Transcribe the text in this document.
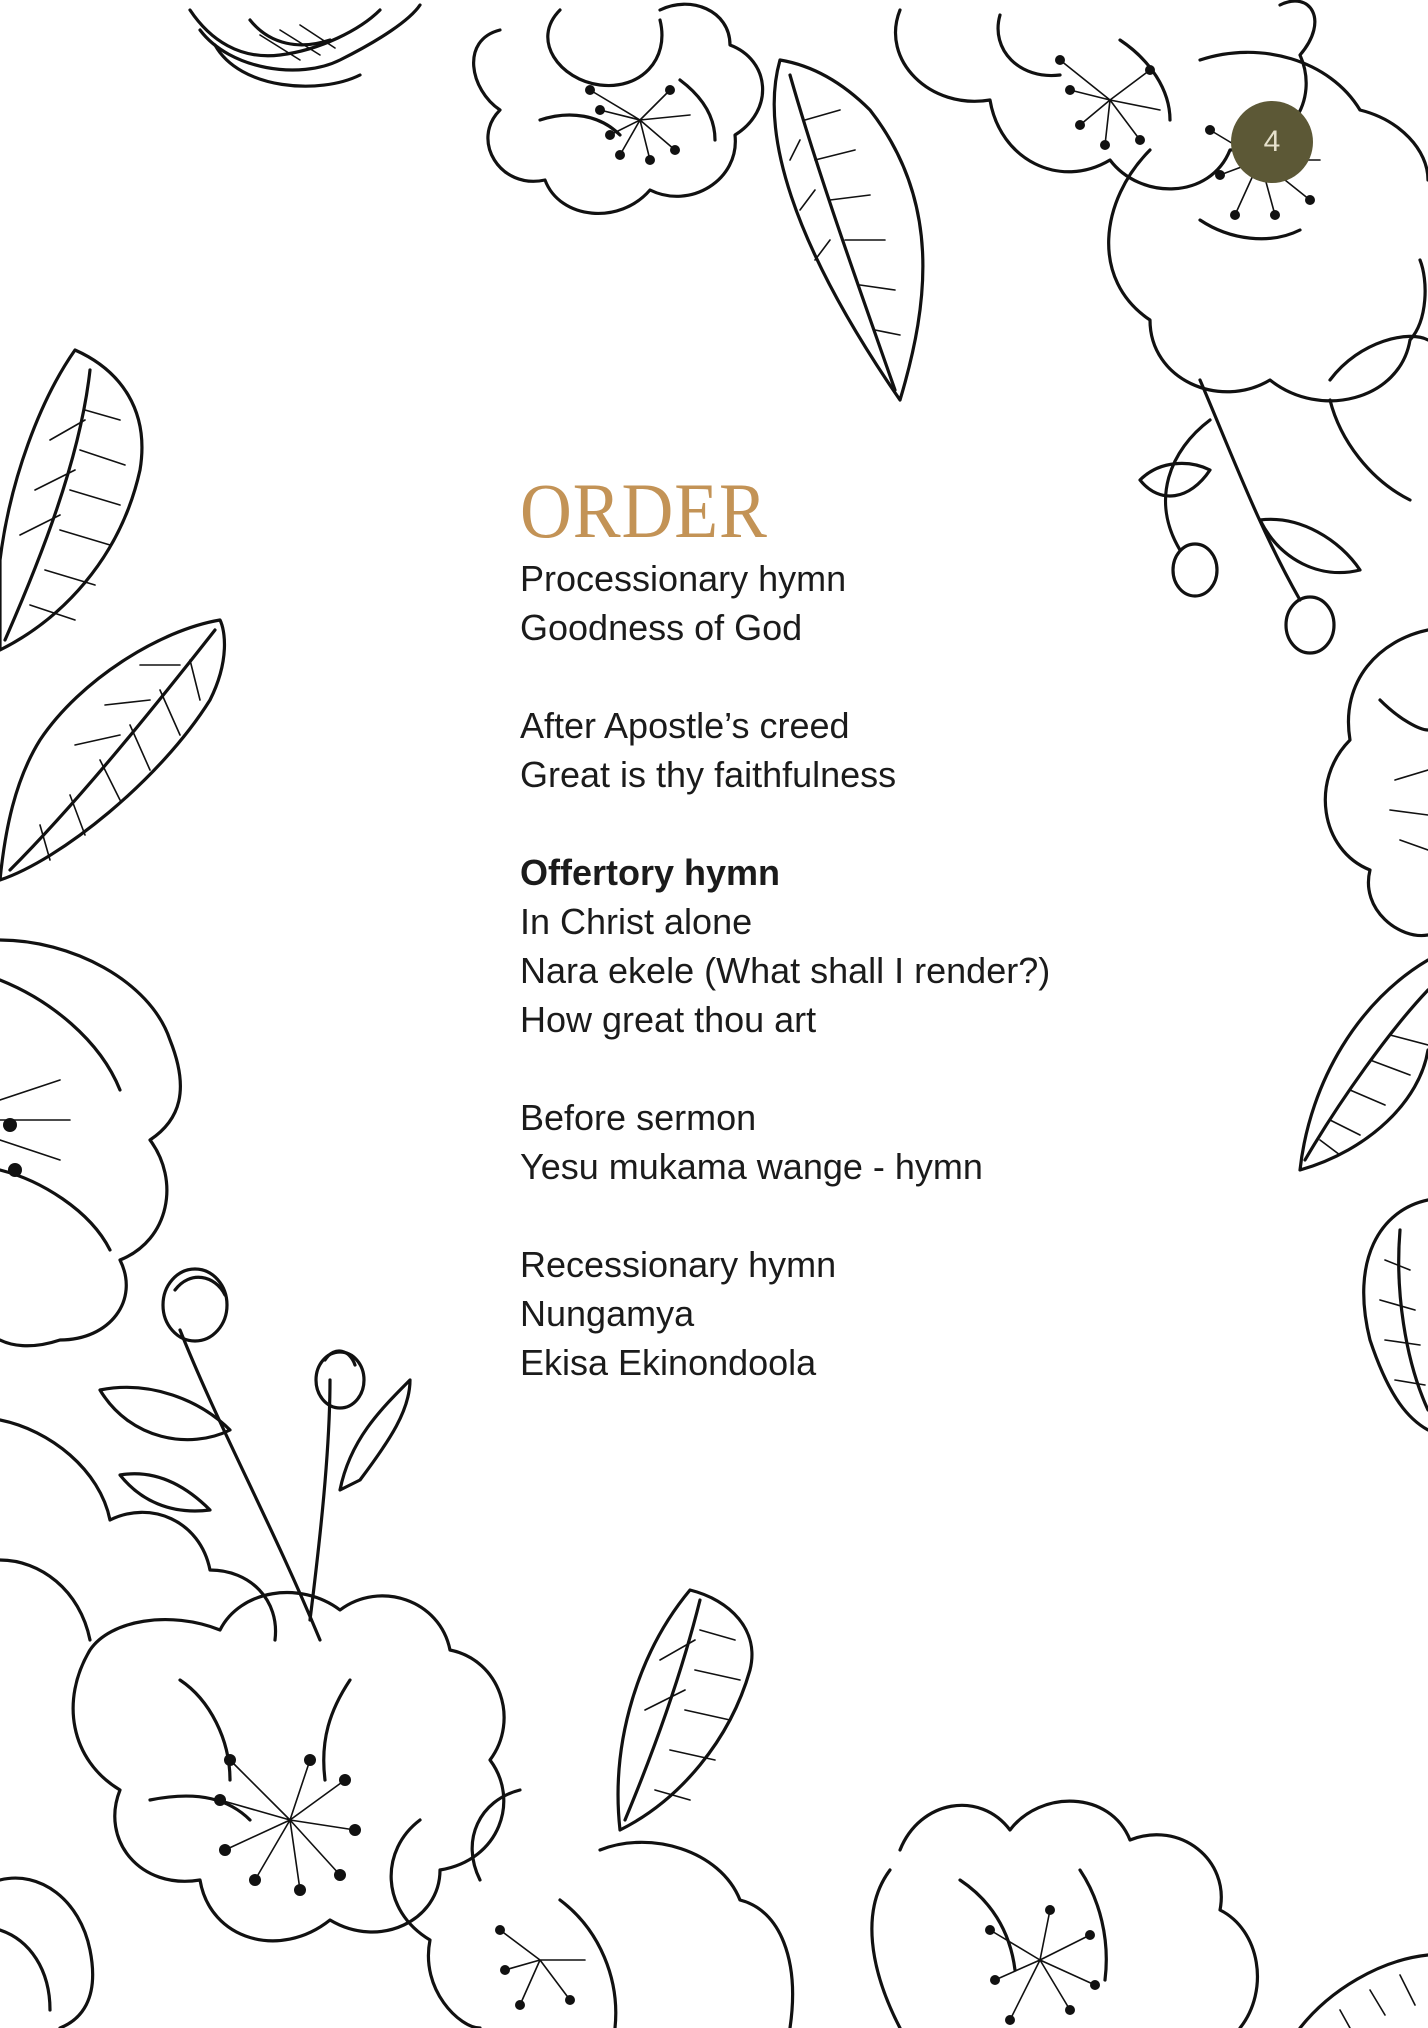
4
ORDER
Processionary hymn
Goodness of God
After Apostle’s creed
Great is thy faithfulness
Offertory hymn
In Christ alone
Nara ekele (What shall I render?)
How great thou art
Before sermon
Yesu mukama wange - hymn
Recessionary hymn
Nungamya
Ekisa Ekinondoola
